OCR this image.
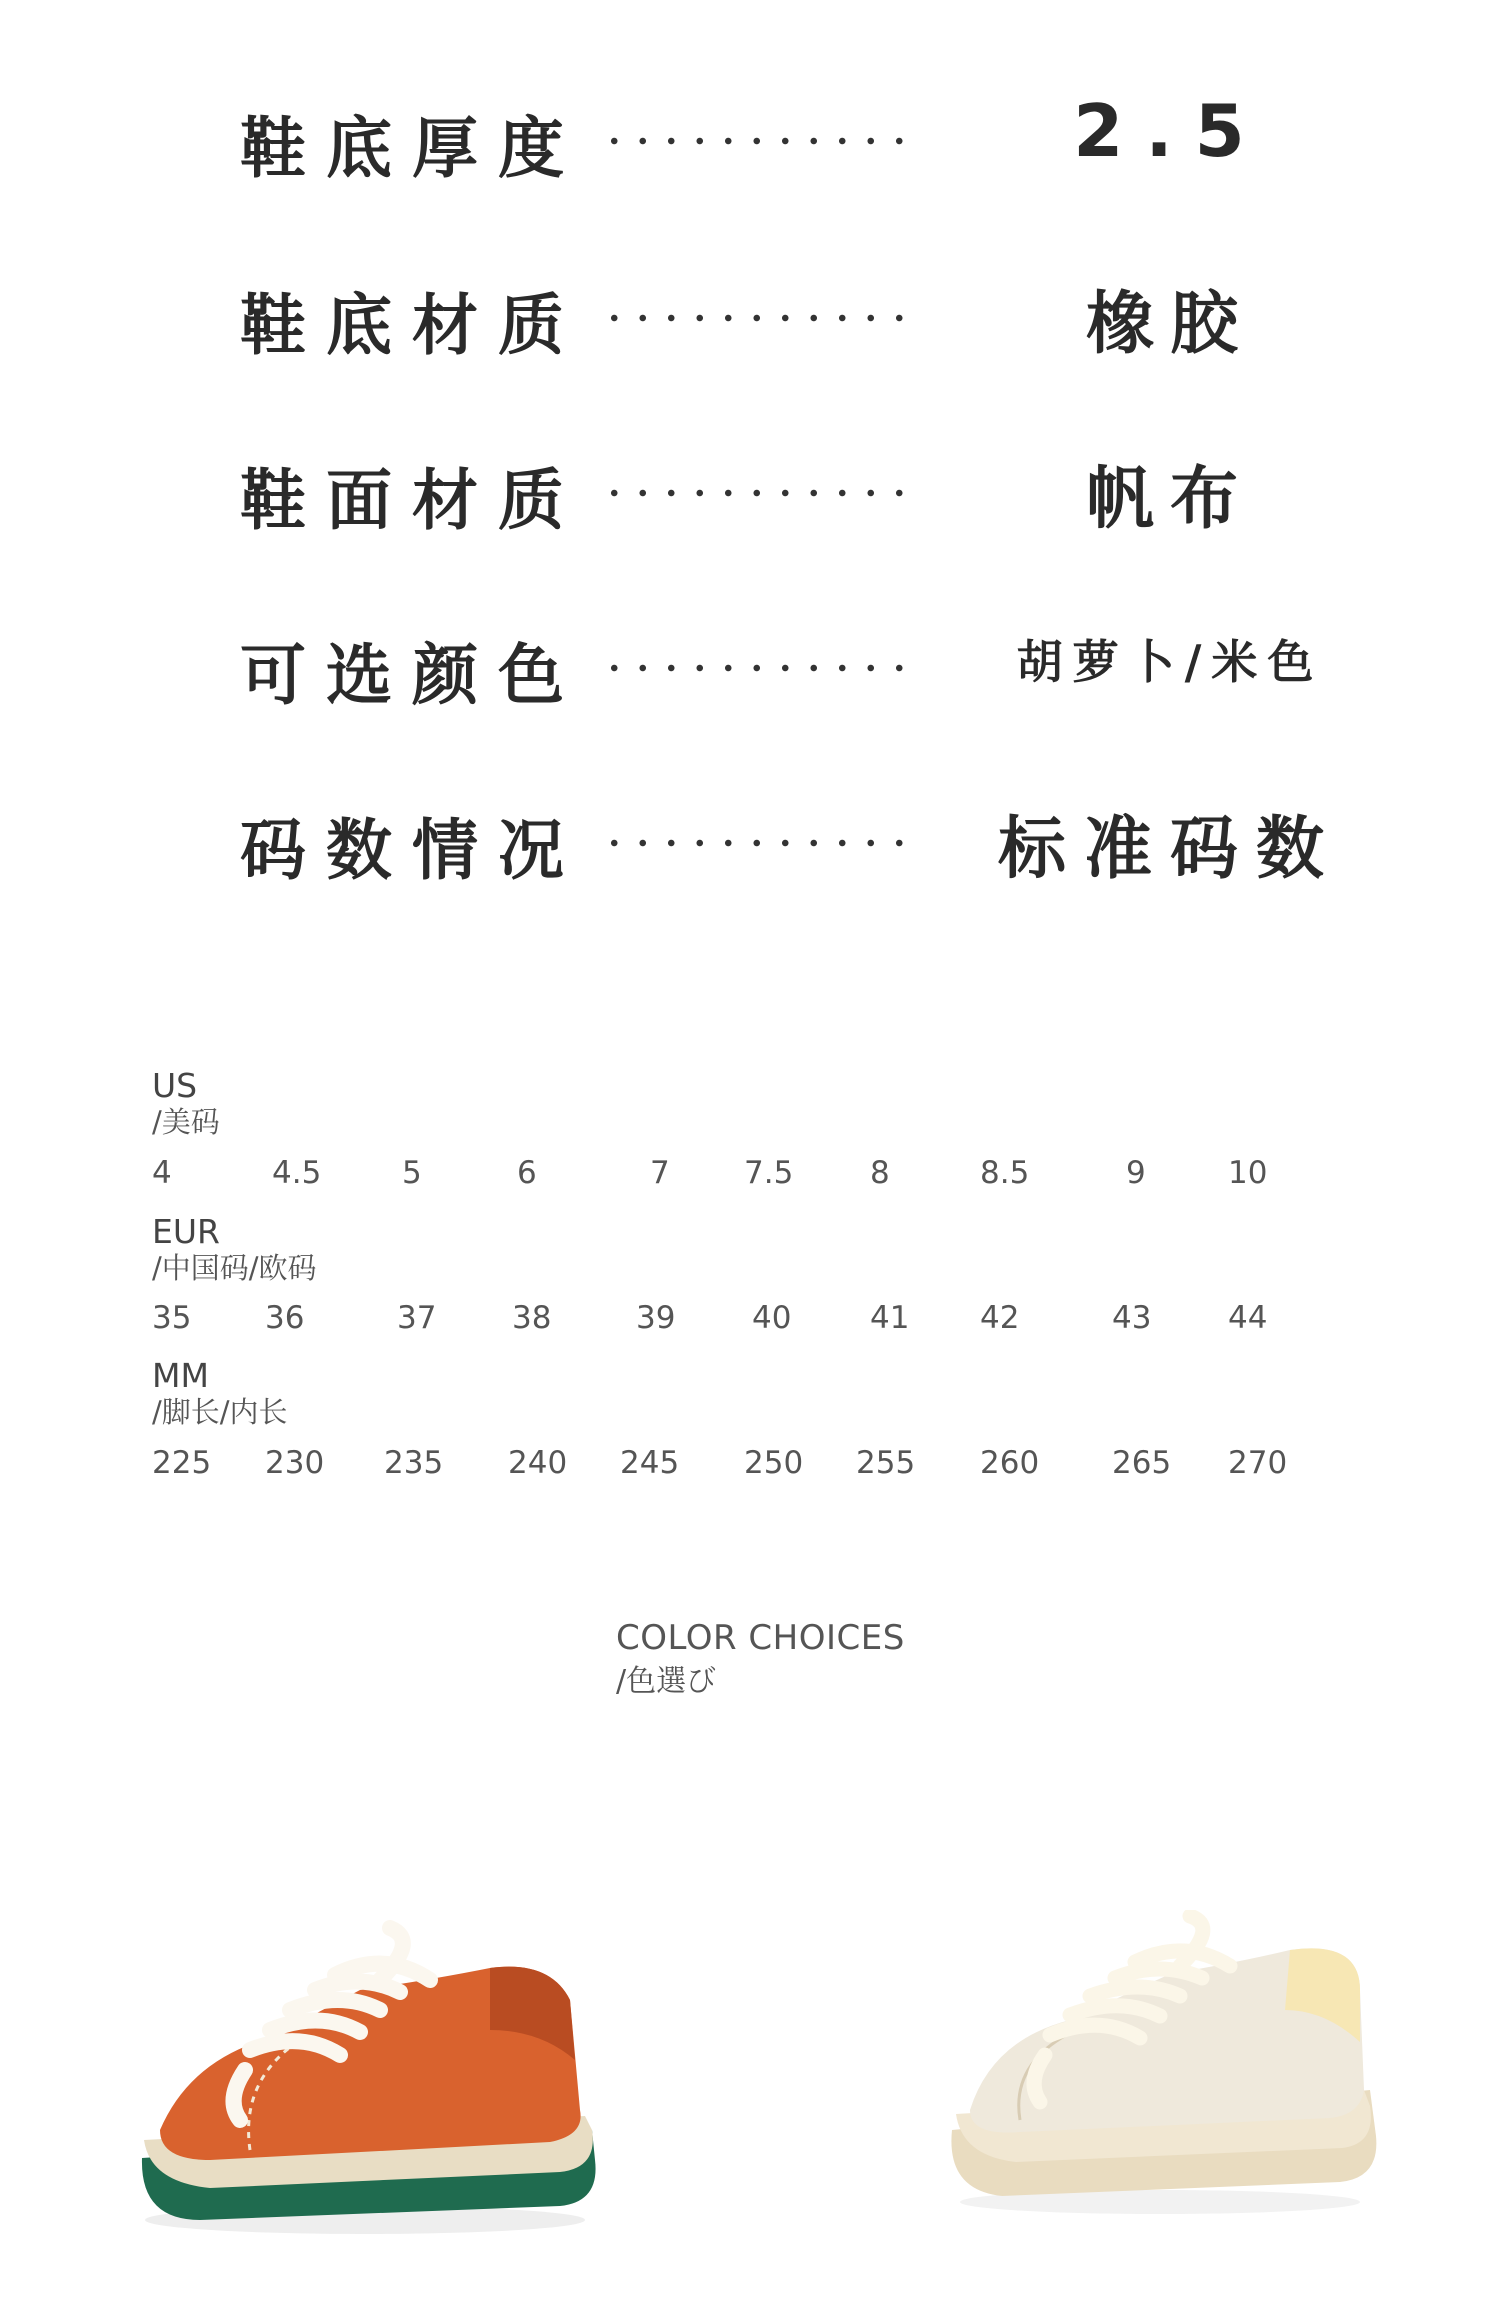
鞋底厚度	2.5
鞋底材质	橡胶
鞋面材质	帆布
可选颜色	胡萝卜/米色
码数情况	标准码数
US
/美码
4	4.5	5	6	7 7.5 8	8.5	9	10
EUR
/中国码/欧码
35 36	37 38	39 40	41 42	43 44
MM
/脚长/内长
225 230 235 240 245 250 255 260 265 270
COLOR CHOICES
/色選び
